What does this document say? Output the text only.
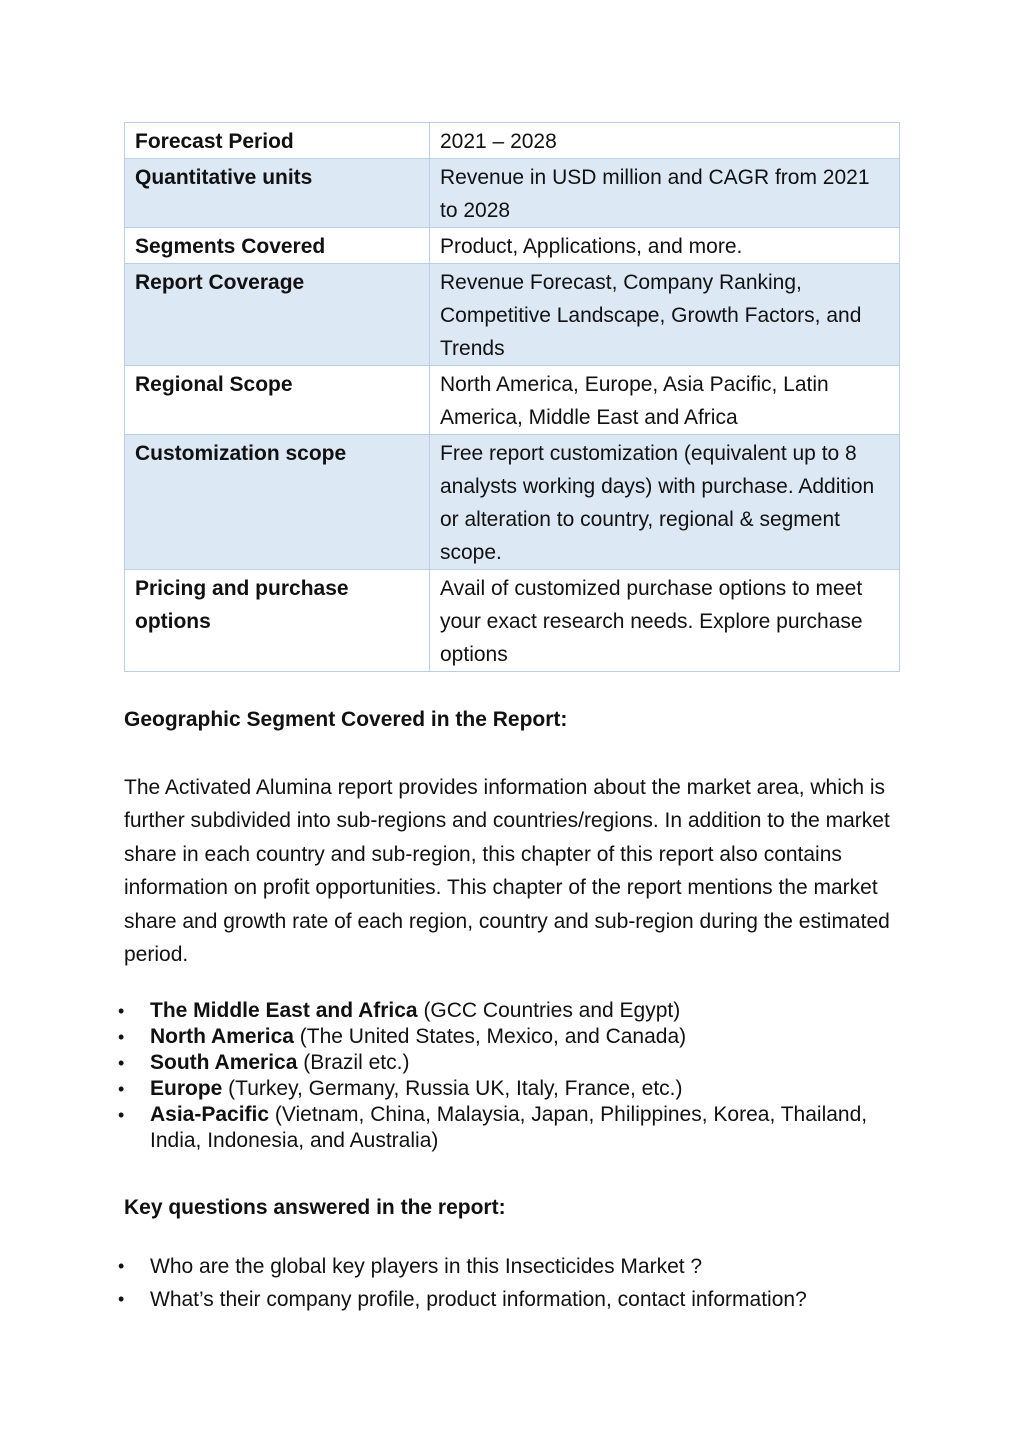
Forecast Period	2021 – 2028
Quantitative units	Revenue in USD million and CAGR from 2021 to 2028
Segments Covered	Product, Applications, and more.
Report Coverage	Revenue Forecast, Company Ranking, Competitive Landscape, Growth Factors, and Trends
Regional Scope	North America, Europe, Asia Pacific, Latin America, Middle East and Africa
Customization scope	Free report customization (equivalent up to 8 analysts working days) with purchase. Addition or alteration to country, regional & segment scope.
Pricing and purchase options	Avail of customized purchase options to meet your exact research needs. Explore purchase options
Geographic Segment Covered in the Report:

The Activated Alumina report provides information about the market area, which is further subdivided into sub-regions and countries/regions. In addition to the market share in each country and sub-region, this chapter of this report also contains information on profit opportunities. This chapter of the report mentions the market share and growth rate of each region, country and sub-region during the estimated period.

• The Middle East and Africa (GCC Countries and Egypt)
• North America (The United States, Mexico, and Canada)
• South America (Brazil etc.)
• Europe (Turkey, Germany, Russia UK, Italy, France, etc.)
• Asia-Pacific (Vietnam, China, Malaysia, Japan, Philippines, Korea, Thailand, India, Indonesia, and Australia)
Key questions answered in the report:
• Who are the global key players in this Insecticides Market ?
• What’s their company profile, product information, contact information?
